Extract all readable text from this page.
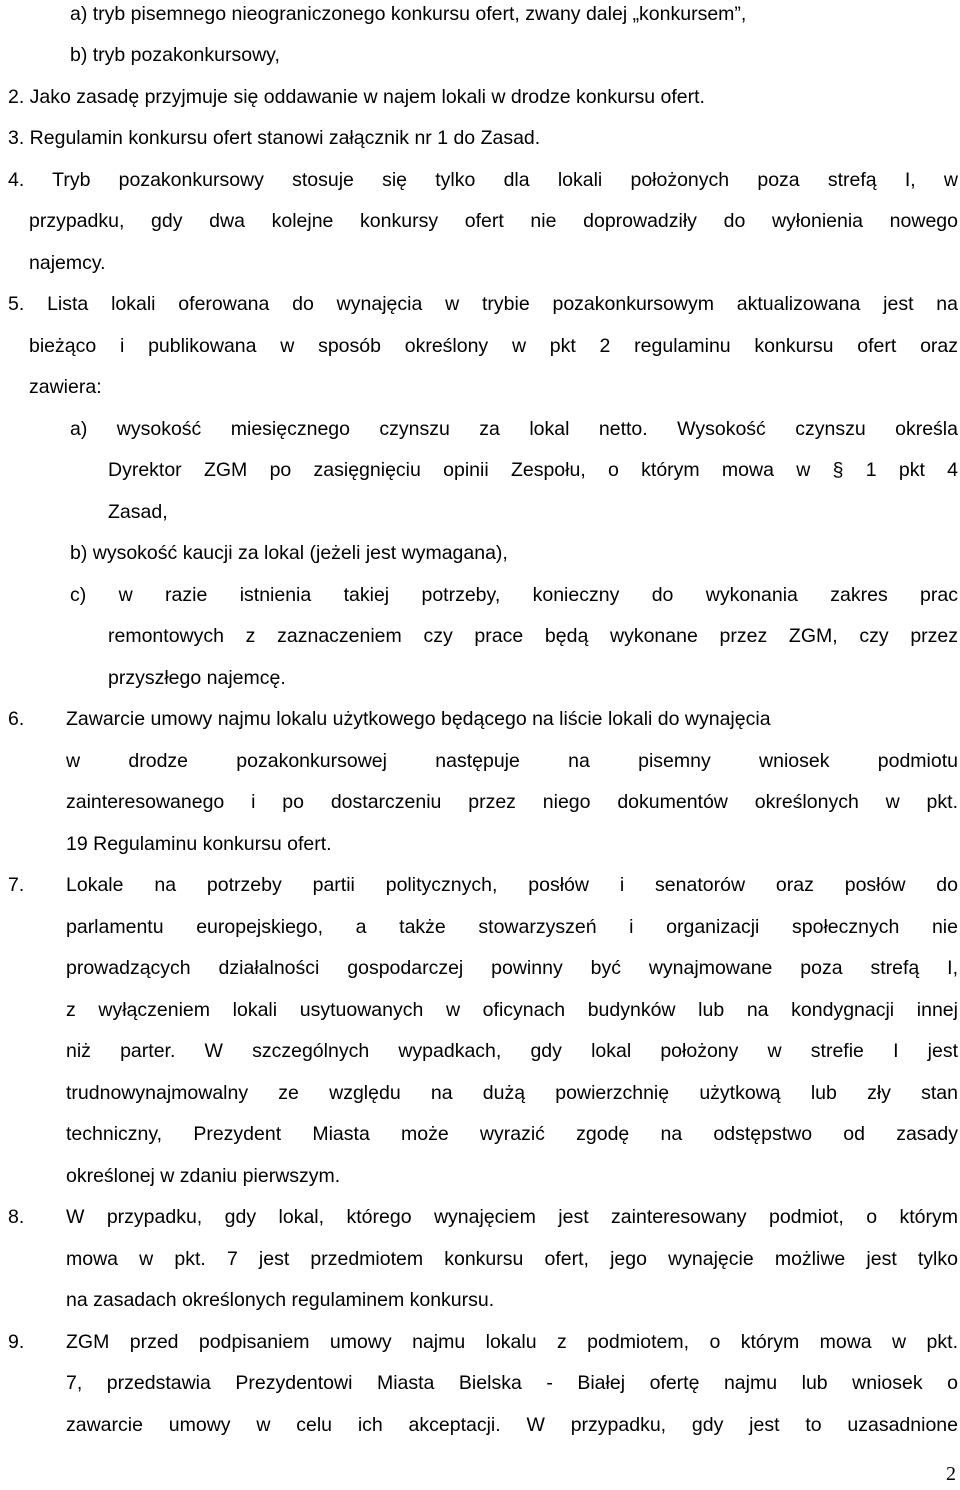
a) tryb pisemnego nieograniczonego konkursu ofert, zwany dalej „konkursem”,
b) tryb pozakonkursowy,
2. Jako zasadę przyjmuje się oddawanie w najem lokali w drodze konkursu ofert.
3. Regulamin konkursu ofert stanowi załącznik nr 1 do Zasad.
4. Tryb pozakonkursowy stosuje się tylko dla lokali położonych poza strefą I, w
przypadku, gdy dwa kolejne konkursy ofert nie doprowadziły do wyłonienia nowego
najemcy.
5. Lista lokali oferowana do wynajęcia w trybie pozakonkursowym aktualizowana jest na
bieżąco i publikowana w sposób określony w pkt 2 regulaminu konkursu ofert oraz
zawiera:
a) wysokość miesięcznego czynszu za lokal netto. Wysokość czynszu określa
Dyrektor ZGM po zasięgnięciu opinii Zespołu, o którym mowa w § 1 pkt 4
Zasad,
b) wysokość kaucji za lokal (jeżeli jest wymagana),
c) w razie istnienia takiej potrzeby, konieczny do wykonania zakres prac
remontowych z zaznaczeniem czy prace będą wykonane przez ZGM, czy przez
przyszłego najemcę.
6. Zawarcie umowy najmu lokalu użytkowego będącego na liście lokali do wynajęcia
w drodze pozakonkursowej następuje na pisemny wniosek podmiotu
zainteresowanego i po dostarczeniu przez niego dokumentów określonych w pkt.
19 Regulaminu konkursu ofert.
7. Lokale na potrzeby partii politycznych, posłów i senatorów oraz posłów do
parlamentu europejskiego, a także stowarzyszeń i organizacji społecznych nie
prowadzących działalności gospodarczej powinny być wynajmowane poza strefą I,
z wyłączeniem lokali usytuowanych w oficynach budynków lub na kondygnacji innej
niż parter. W szczególnych wypadkach, gdy lokal położony w strefie I jest
trudnowynajmowalny ze względu na dużą powierzchnię użytkową lub zły stan
techniczny, Prezydent Miasta może wyrazić zgodę na odstępstwo od zasady
określonej w zdaniu pierwszym.
8. W przypadku, gdy lokal, którego wynajęciem jest zainteresowany podmiot, o którym
mowa w pkt. 7 jest przedmiotem konkursu ofert, jego wynajęcie możliwe jest tylko
na zasadach określonych regulaminem konkursu.
9. ZGM przed podpisaniem umowy najmu lokalu z podmiotem, o którym mowa w pkt.
7, przedstawia Prezydentowi Miasta Bielska - Białej ofertę najmu lub wniosek o
zawarcie umowy w celu ich akceptacji. W przypadku, gdy jest to uzasadnione
2
